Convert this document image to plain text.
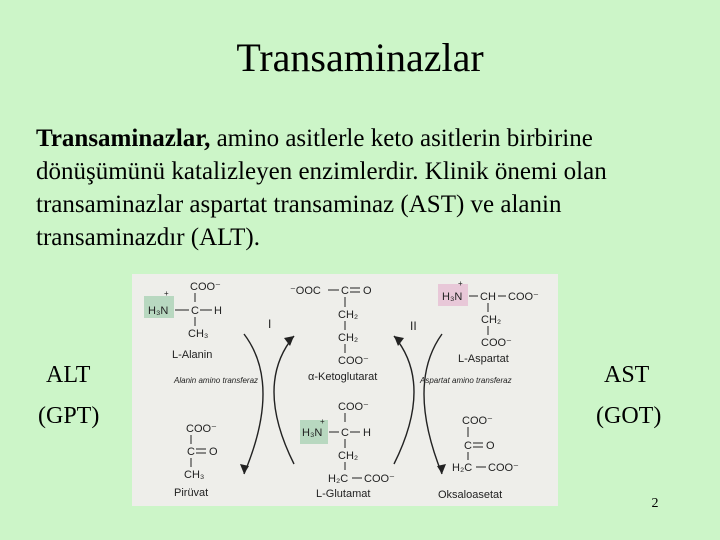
Transaminazlar
Transaminazlar, amino asitlerle keto asitlerin birbirine dönüşümünü katalizleyen enzimlerdir. Klinik önemi olan transaminazlar aspartat transaminaz (AST) ve alanin transaminazdır (ALT).
ALT
(GPT)
AST
(GOT)
COO⁻
+
H₃N C H
CH₃
L-Alanin
⁻OOC C O
CH₂
CH₂
COO⁻
α-Ketoglutarat
+
H₃N CH COO⁻
CH₂
COO⁻
L-Aspartat
I	II
Alanin amino transferaz	Aspartat amino transferaz
COO⁻
C O
CH₃
Pirüvat
COO⁻
+
H₃N C H
CH₂
H₂C COO⁻
L-Glutamat
COO⁻
C O
H₂C COO⁻
Oksaloasetat
2
